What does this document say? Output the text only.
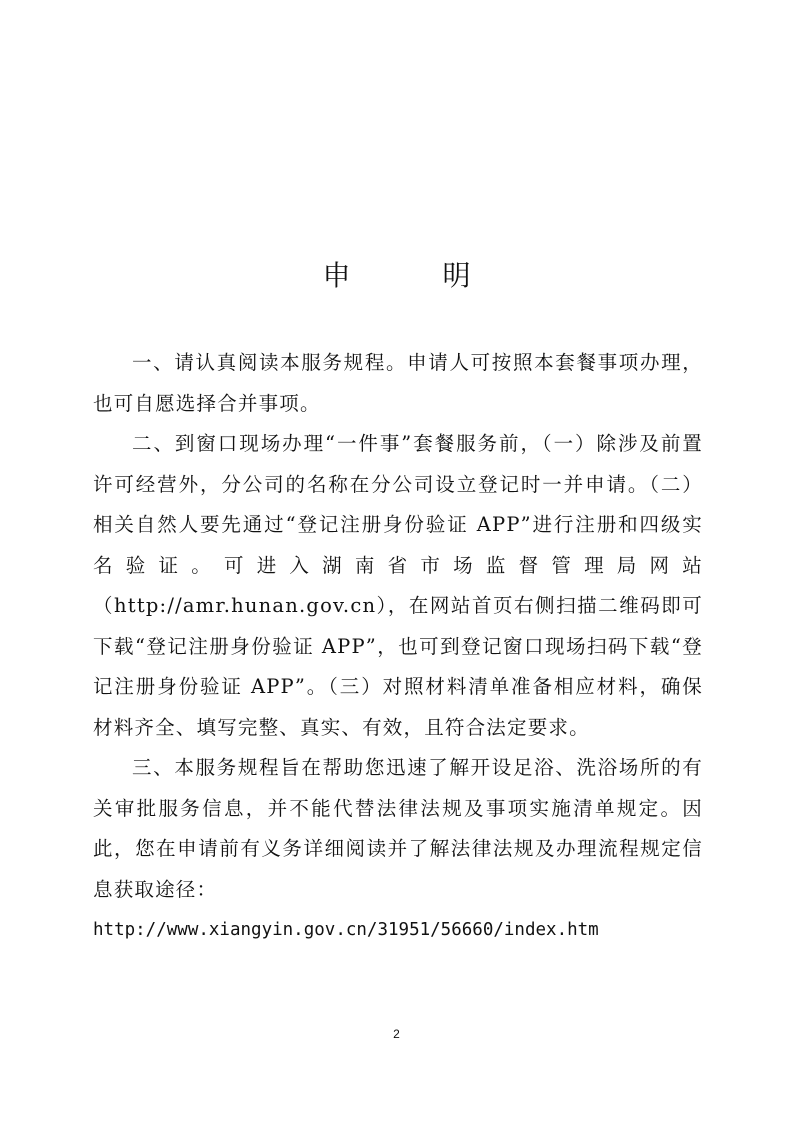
申　明

一、请认真阅读本服务规程。申请人可按照本套餐事项办理，也可自愿选择合并事项。

二、到窗口现场办理“一件事”套餐服务前，（一）除涉及前置许可经营外，分公司的名称在分公司设立登记时一并申请。（二）相关自然人要先通过“登记注册身份验证 APP”进行注册和四级实名验证。可进入湖南省市场监督管理局网站（http://amr.hunan.gov.cn），在网站首页右侧扫描二维码即可下载“登记注册身份验证 APP”，也可到登记窗口现场扫码下载“登记注册身份验证 APP”。（三）对照材料清单准备相应材料，确保材料齐全、填写完整、真实、有效，且符合法定要求。

三、本服务规程旨在帮助您迅速了解开设足浴、洗浴场所的有关审批服务信息，并不能代替法律法规及事项实施清单规定。因此，您在申请前有义务详细阅读并了解法律法规及办理流程规定信息获取途径：

http://www.xiangyin.gov.cn/31951/56660/index.htm

2
